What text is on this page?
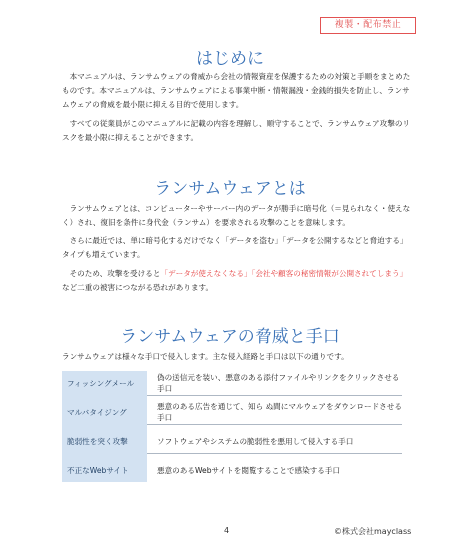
複製・配布禁止
はじめに

本マニュアルは、ランサムウェアの脅威から会社の情報資産を保護するための対策と手順をまとめたものです。本マニュアルは、ランサムウェアによる事業中断・情報漏洩・金銭的損失を防止し、ランサムウェアの脅威を最小限に抑える目的で使用します。

すべての従業員がこのマニュアルに記載の内容を理解し、順守することで、ランサムウェア攻撃のリスクを最小限に抑えることができます。

ランサムウェアとは

ランサムウェアとは、コンピューターやサーバー内のデータが勝手に暗号化（＝見られなく・使えなく）され、復旧を条件に身代金（ランサム）を要求される攻撃のことを意味します。

さらに最近では、単に暗号化するだけでなく「データを盗む」「データを公開するなどと脅迫する」タイプも増えています。

そのため、攻撃を受けると「データが使えなくなる」「会社や顧客の秘密情報が公開されてしまう」など二重の被害につながる恐れがあります。

ランサムウェアの脅威と手口

ランサムウェアは様々な手口で侵入します。主な侵入経路と手口は以下の通りです。

フィッシングメール	偽の送信元を装い、悪意のある添付ファイルやリンクをクリックさせる手口

マルバタイジング	悪意のある広告を通じて、知ら ぬ間にマルウェアをダウンロードさせる手口

脆弱性を突く攻撃	ソフトウェアやシステムの脆弱性を悪用して侵入する手口

不正なWebサイト	悪意のあるWebサイトを閲覧することで感染する手口
4	©株式会社mayclass
